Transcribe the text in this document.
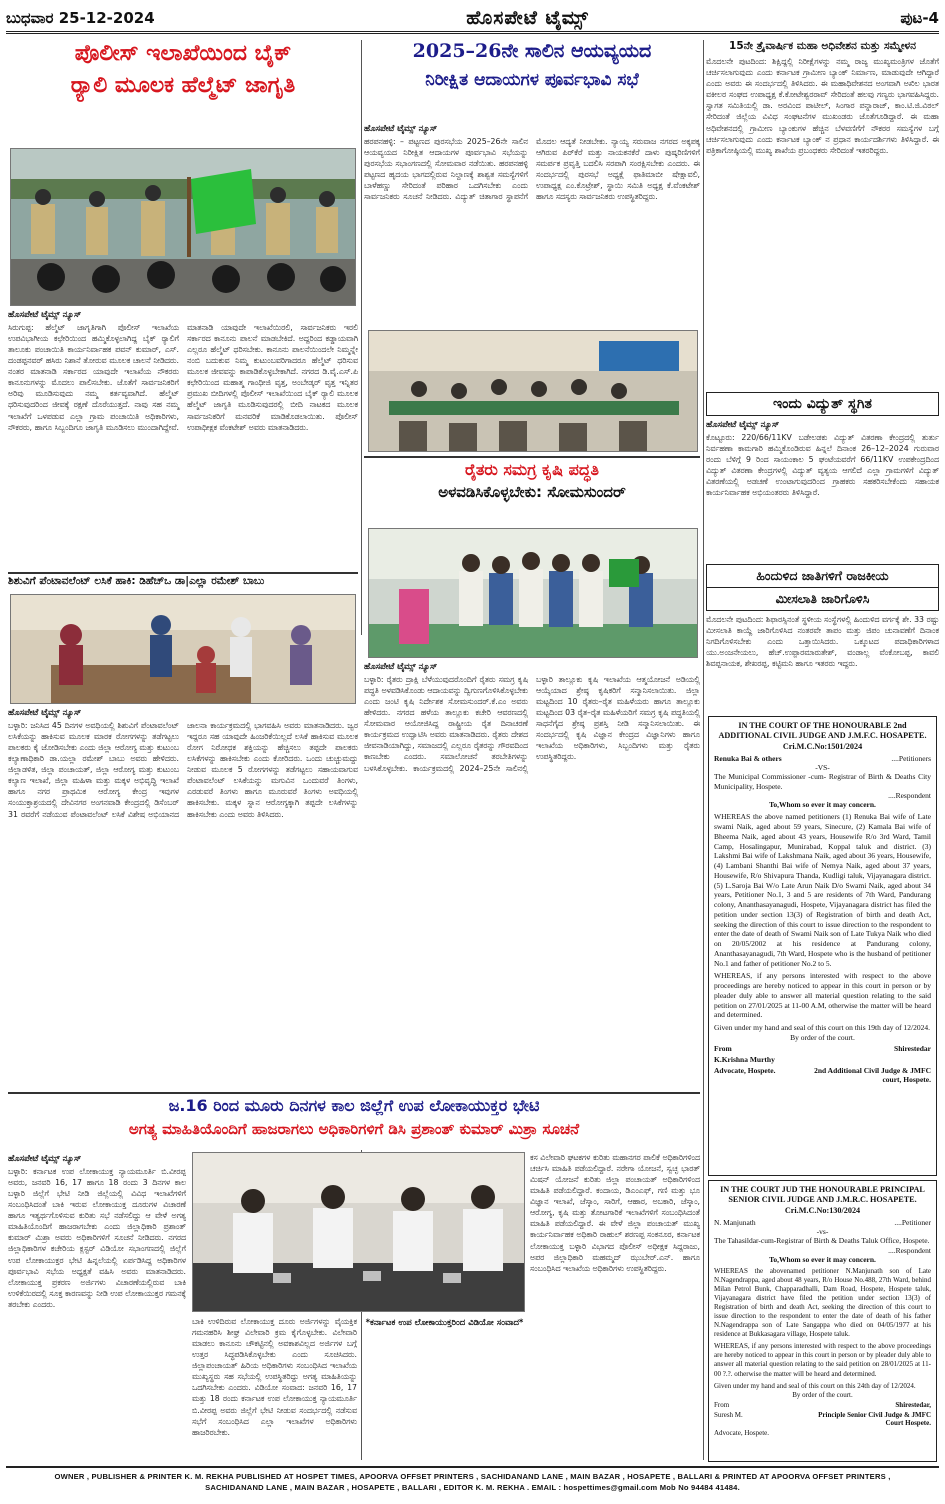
ಬುಧವಾರ 25-12-2024	ಹೊಸಪೇಟೆ ಟೈಮ್ಸ್	ಪುಟ-4
ಪೊಲೀಸ್ ಇಲಾಖೆಯಿಂದ ಬೈಕ್
ರ್‍ಯಾಲಿ ಮೂಲಕ ಹೆಲ್ಮೆಟ್ ಜಾಗೃತಿ
ಹೊಸಪೇಟೆ ಟೈಮ್ಸ್ ನ್ಯೂಸ್
ಸಿರುಗುಪ್ಪ: ಹೆಲ್ಮೆಟ್ ಜಾಗೃತಿಗಾಗಿ ಪೊಲೀಸ್ ಇಲಾಖೆಯ ಉಪವಿಭಾಗೀಯ ಕಛೇರಿಯಿಂದ ಹಮ್ಮಿಕೊಳ್ಳಲಾಗಿದ್ದ ಬೈಕ್ ರ್‍ಯಾಲಿಗೆ ತಾಲೂಕು ಪಂಚಾಯಿತಿ ಕಾರ್ಯನಿರ್ವಾಹಕ ಪವನ್ ಕುಮಾರ್, ಎಸ್. ದಂಡಪ್ಪನವರ್ ಹಸಿರು ನಿಶಾನೆ ತೋರುವ ಮೂಲಕ ಚಾಲನೆ ನೀಡಿದರು. ನಂತರ ಮಾತನಾಡಿ ಸರ್ಕಾರದ ಯಾವುದೇ ಇಲಾಖೆಯ ನೌಕರರು ಕಾನೂನುಗಳನ್ನು ಮೊದಲು ಪಾಲಿಸಬೇಕು. ಜೊತೆಗೆ ಸಾರ್ವಜನಿಕರಿಗೆ ಅರಿವು ಮೂಡಿಸುವುದು ನಮ್ಮ ಕರ್ತವ್ಯವಾಗಿದೆ. ಹೆಲ್ಮೆಟ್ ಧರಿಸುವುದರಿಂದ ಜೀವಕ್ಕೆ ರಕ್ಷಣೆ ದೊರೆಯುತ್ತದೆ. ನಾವು ಸಹ ನಮ್ಮ ಇಲಾಖೆಗೆ ಒಳಪಡುವ ಎಲ್ಲಾ ಗ್ರಾಮ ಪಂಚಾಯಿತಿ ಅಧಿಕಾರಿಗಳು, ನೌಕರರು, ಹಾಗೂ ಸಿಬ್ಬಂದಿಗೂ ಜಾಗೃತಿ ಮೂಡಿಸಲು ಮುಂದಾಗಿದ್ದೇವೆ. ಮಾತನಾಡಿ ಯಾವುದೇ ಇಲಾಖೆಯಿರಲಿ, ಸಾರ್ವಜನಿಕರು ಇರಲಿ ಸರ್ಕಾರದ ಕಾನೂನು ಪಾಲನೆ ಮಾಡಬೇಕಿದೆ. ಅದ್ದರಿಂದ ಕಡ್ಡಾಯವಾಗಿ ಎಲ್ಲರೂ ಹೆಲ್ಮೆಟ್ ಧರಿಸಬೇಕು. ಕಾನೂನು ಪಾಲನೆಯಿಂದಲೇ ನಿಮ್ಮನ್ನೇ ನಂಬಿ ಬದುಕುವ ನಿಮ್ಮ ಕುಟುಂಬವರಿಗಾದರೂ ಹೆಲ್ಮೆಟ್ ಧರಿಸುವ ಮೂಲಕ ಜೀವವನ್ನು ಕಾಪಾಡಿಕೊಳ್ಳಬೇಕಾಗಿದೆ. ನಗರದ ಡಿ.ವೈ.ಎಸ್.ಪಿ ಕಛೇರಿಯಿಂದ ಮಹಾತ್ಮ ಗಾಂಧೀಜಿ ವೃತ್ತ, ಅಂಬೇಡ್ಕರ್ ವೃತ್ತ ಇನ್ನಿತರ ಪ್ರಮುಖ ಬೀದಿಗಳಲ್ಲಿ ಪೊಲೀಸ್ ಇಲಾಖೆಯಿಂದ ಬೈಕ್ ರ್‍ಯಾಲಿ ಮೂಲಕ ಹೆಲ್ಮೆಟ್ ಜಾಗೃತಿ ಮೂಡಿಸುವುದರಲ್ಲಿ ಬೀದಿ ನಾಟಕದ ಮೂಲಕ ಸಾರ್ವಜನಿಕರಿಗೆ ಮನವರಿಕೆ ಮಾಡಿಕೊಡಲಾಯಿತು. ಪೊಲೀಸ್ ಉಪಾಧೀಕ್ಷಕ ವೆಂಕಟೇಶ್ ಅವರು ಮಾತನಾಡಿದರು.
ಶಿಶುವಿಗೆ ಪೆಂಟಾವಲೆಂಟ್ ಲಸಿಕೆ ಹಾಕಿ: ಡಿಹೆಚ್‌ಒ ಡಾ|ಎಲ್ಲಾ ರಮೇಶ್ ಬಾಬು
ಹೊಸಪೇಟೆ ಟೈಮ್ಸ್ ನ್ಯೂಸ್
ಬಳ್ಳಾರಿ: ಜನಿಸಿದ 45 ದಿನಗಳ ಅವಧಿಯಲ್ಲಿ ಶಿಶುವಿಗೆ ಪೆಂಟಾವಲೆಂಟ್ ಲಸಿಕೆಯನ್ನು ಹಾಕಿಸುವ ಮೂಲಕ ಮಾರಕ ರೋಗಗಳನ್ನು ತಡೆಗಟ್ಟಲು ಪಾಲಕರು ಕೈ ಜೋಡಿಸಬೇಕು ಎಂದು ಜಿಲ್ಲಾ ಆರೋಗ್ಯ ಮತ್ತು ಕುಟುಂಬ ಕಲ್ಯಾಣಾಧಿಕಾರಿ ಡಾ.ಯಲ್ಲಾ ರಮೇಶ್ ಬಾಬು ಅವರು ಹೇಳಿದರು. ಜಿಲ್ಲಾಡಳಿತ, ಜಿಲ್ಲಾ ಪಂಚಾಯತ್, ಜಿಲ್ಲಾ ಆರೋಗ್ಯ ಮತ್ತು ಕುಟುಂಬ ಕಲ್ಯಾಣ ಇಲಾಖೆ, ಜಿಲ್ಲಾ ಮಹಿಳಾ ಮತ್ತು ಮಕ್ಕಳ ಅಭಿವೃದ್ಧಿ ಇಲಾಖೆ ಹಾಗೂ ನಗರ ಪ್ರಾಥಮಿಕ ಆರೋಗ್ಯ ಕೇಂದ್ರ ಇವುಗಳ ಸಂಯುಕ್ತಾಶ್ರಯದಲ್ಲಿ ದೇವಿನಗರ ಅಂಗನವಾಡಿ ಕೇಂದ್ರದಲ್ಲಿ ಡಿಸೆಂಬರ್ 31 ರವರೆಗೆ ನಡೆಯುವ ಪೆಂಟಾವಲೆಂಟ್ ಲಸಿಕೆ ವಿಶೇಷ ಅಭಿಯಾನದ ಜಾಲನಾ ಕಾರ್ಯಕ್ರಮದಲ್ಲಿ ಭಾಗವಹಿಸಿ ಅವರು ಮಾತನಾಡಿದರು. ಜ್ವರ ಇದ್ದರೂ ಸಹ ಯಾವುದೇ ಹಿಂಜರಿಕೆಯಿಲ್ಲದೆ ಲಸಿಕೆ ಹಾಕಿಸುವ ಮೂಲಕ ರೋಗ ನಿರೋಧಕ ಶಕ್ತಿಯನ್ನು ಹೆಚ್ಚಿಸಲು ತಪ್ಪದೇ ಪಾಲಕರು ಲಸಿಕೆಗಳನ್ನು ಹಾಕಿಸಬೇಕು ಎಂದು ಕೋರಿದರು. ಒಂದು ಚುಚ್ಚುಮದ್ದು ನೀಡುವ ಮೂಲಕ 5 ರೋಗಗಳನ್ನು ತಡೆಗಟ್ಟಲು ಸಹಾಯವಾಗುವ ಪೆಂಟಾವಲೆಂಟ್ ಲಸಿಕೆಯನ್ನು ಮಗುವಿನ ಒಂದುವರೆ ತಿಂಗಳು, ಎರಡುವರೆ ತಿಂಗಳು ಹಾಗೂ ಮೂರುವರೆ ತಿಂಗಳು ಅವಧಿಯಲ್ಲಿ ಹಾಕಿಸಬೇಕು. ಮಕ್ಕಳ ಸ್ನಾನ ಆರೋಗ್ಯಕ್ಕಾಗಿ ತಪ್ಪದೇ ಲಸಿಕೆಗಳನ್ನು ಹಾಕಿಸಬೇಕು ಎಂದು ಅವರು ತಿಳಿಸಿದರು.
2025–26ನೇ ಸಾಲಿನ ಆಯವ್ಯಯದ
ನಿರೀಕ್ಷಿತ ಆದಾಯಗಳ ಪೂರ್ವಭಾವಿ ಸಭೆ
ಹೊಸಪೇಟೆ ಟೈಮ್ಸ್ ನ್ಯೂಸ್
ಹರಪನಹಳ್ಳಿ: – ಪಟ್ಟಣದ ಪುರಸಭೆಯ 2025–26ನೇ ಸಾಲಿನ ಆಯವ್ಯಯದ ನಿರೀಕ್ಷಿತ ಆದಾಯಗಳ ಪೂರ್ವಭಾವಿ ಸಭೆಯನ್ನು ಪುರಸಭೆಯ ಸಭಾಂಗಣದಲ್ಲಿ ಸೋಮವಾರ ನಡೆಯಿತು. ಹರಪನಹಳ್ಳಿ ಪಟ್ಟಣದ ಹೃದಯ ಭಾಗದಲ್ಲಿರುವ ನಿಲ್ದಾಣಕ್ಕೆ ಶಾಶ್ವತ ಸಮಸ್ಯೆಗಳಿಗೆ ಬಾಳೆಹಣ್ಣು ಸೇರಿದಂತೆ ಪರಿಹಾರ ಒದಗಿಸಬೇಕು ಎಂದು ಸಾರ್ವಜನಿಕರು ಸೂಚನೆ ನೀಡಿದರು. ವಿದ್ಯುತ್ ಚಿತಾಗಾರ ಸ್ಥಾಪನೆಗೆ ಮೊದಲ ಆದ್ಯತೆ ನೀಡಬೇಕು. ನ್ಯಾಯ್ಯ ಸರುವಾಜ ನಗರದ ಅಕ್ಕಪಕ್ಕ ಆಗಿರುವ ಪಿರ್‌ಕೆರೆ ಮತ್ತು ನಾಯಕನಕೆರೆ ದಾಳು ಪುಷ್ಕರಿಣಿಗಳಿಗೆ ಸಮರ್ಪಕ ಪ್ರವೃತ್ತಿ ಬದಲಿಸಿ ಸರಪಾಗಿ ಸಂರಕ್ಷಿಸಬೇಕು ಎಂದರು. ಈ ಸಂದರ್ಭದಲ್ಲಿ ಪುರಸಭೆ ಅಧ್ಯಕ್ಷೆ ಫಾತಿಮಾಬೀ ಷೇಕ್ಷಾವಲಿ, ಉಪಾಧ್ಯಕ್ಷ ಎಂ.ಕೊಟ್ರೇಶ್, ಸ್ಥಾಯಿ ಸಮಿತಿ ಅಧ್ಯಕ್ಷ ಕೆ.ವೆಂಕಟೇಶ್ ಹಾಗೂ ಸದಸ್ಯರು ಸಾರ್ವಜನಿಕರು ಉಪಸ್ಥಿತರಿದ್ದರು.
ರೈತರು ಸಮಗ್ರ ಕೃಷಿ ಪದ್ಧತಿ
ಅಳವಡಿಸಿಕೊಳ್ಳಬೇಕು: ಸೋಮಸುಂದರ್
ಹೊಸಪೇಟೆ ಟೈಮ್ಸ್ ನ್ಯೂಸ್
ಬಳ್ಳಾರಿ: ರೈತರು ದ್ರಾಕ್ಷಿ ಬೆಳೆಯುವುದರೊಂದಿಗೆ ರೈತರು ಸಮಗ್ರ ಕೃಷಿ ಪದ್ಧತಿ ಅಳವಡಿಸಿಕೊಂಡು ಆದಾಯವನ್ನು ದ್ವಿಗುಣಗೊಳಿಸಿಕೊಳ್ಳಬೇಕು ಎಂದು ಜಂಟಿ ಕೃಷಿ ನಿರ್ದೇಶಕ ಸೋಮಸುಂದರ್.ಕೆ.ಎಂ ಅವರು ಹೇಳಿದರು. ನಗರದ ಹಳೆಯ ತಾಲ್ಲೂಕು ಕಚೇರಿ ಆವರಣದಲ್ಲಿ ಸೋಮವಾರ ಆಯೋಜಿಸಿದ್ದ ರಾಷ್ಟ್ರೀಯ ರೈತ ದಿನಾಚರಣೆ ಕಾರ್ಯಕ್ರಮದ ಉದ್ಘಾಟಿಸಿ ಅವರು ಮಾತನಾಡಿದರು. ರೈತರು ದೇಶದ ಜೀವನಾಡಿಯಾಗಿದ್ದು, ಸಮಾಜದಲ್ಲಿ ಎಲ್ಲರೂ ರೈತರನ್ನು ಗೌರವದಿಂದ ಕಾಣಬೇಕು ಎಂದರು. ಸಮಾಲೋಚನೆ ತರಬೇತಿಗಳನ್ನು ಬಳಸಿಕೊಳ್ಳಬೇಕು. ಕಾರ್ಯಕ್ರಮದಲ್ಲಿ 2024–25ನೇ ಸಾಲಿನಲ್ಲಿ ಬಳ್ಳಾರಿ ತಾಲ್ಲೂಕು ಕೃಷಿ ಇಲಾಖೆಯ ಆತ್ಮಯೋಜನೆ ಅಡಿಯಲ್ಲಿ ಆಯ್ಕೆಯಾದ ಶ್ರೇಷ್ಠ ಕೃಷಿಕರಿಗೆ ಸನ್ಮಾನಿಸಲಾಯಿತು. ಜಿಲ್ಲಾ ಮಟ್ಟದಿಂದ 10 ರೈತರು–ರೈತ ಮಹಿಳೆಯರು ಹಾಗೂ ತಾಲ್ಲೂಕು ಮಟ್ಟದಿಂದ 03 ರೈತ–ರೈತ ಮಹಿಳೆಯರಿಗೆ ಸಮಗ್ರ ಕೃಷಿ ಪದ್ಧತಿಯಲ್ಲಿ ಸಾಧನೆಗೈದ ಶ್ರೇಷ್ಠ ಪ್ರಶಸ್ತಿ ನೀಡಿ ಸನ್ಮಾನಿಸಲಾಯಿತು. ಈ ಸಂದರ್ಭದಲ್ಲಿ ಕೃಷಿ ವಿಜ್ಞಾನ ಕೇಂದ್ರದ ವಿಜ್ಞಾನಿಗಳು ಹಾಗೂ ಇಲಾಖೆಯ ಅಧಿಕಾರಿಗಳು, ಸಿಬ್ಬಂದಿಗಳು ಮತ್ತು ರೈತರು ಉಪಸ್ಥಿತರಿದ್ದರು.
ಜ.16 ರಿಂದ ಮೂರು ದಿನಗಳ ಕಾಲ ಜಿಲ್ಲೆಗೆ ಉಪ ಲೋಕಾಯುಕ್ತರ ಭೇಟಿ
ಅಗತ್ಯ ಮಾಹಿತಿಯೊಂದಿಗೆ ಹಾಜರಾಗಲು ಅಧಿಕಾರಿಗಳಿಗೆ ಡಿಸಿ ಪ್ರಶಾಂತ್ ಕುಮಾರ್ ಮಿಶ್ರಾ ಸೂಚನೆ
ಹೊಸಪೇಟೆ ಟೈಮ್ಸ್ ನ್ಯೂಸ್
ಬಳ್ಳಾರಿ: ಕರ್ನಾಟಕ ಉಪ ಲೋಕಾಯುಕ್ತ ನ್ಯಾಯಮೂರ್ತಿ ಬಿ.ವೀರಪ್ಪ ಅವರು, ಜನವರಿ 16, 17 ಹಾಗೂ 18 ರಂದು 3 ದಿನಗಳ ಕಾಲ ಬಳ್ಳಾರಿ ಜಿಲ್ಲೆಗೆ ಭೇಟಿ ನೀಡಿ ಜಿಲ್ಲೆಯಲ್ಲಿ ವಿವಿಧ ಇಲಾಖೆಗಳಿಗೆ ಸಂಬಂಧಿಸಿದಂತೆ ಬಾಕಿ ಇರುವ ಲೋಕಾಯುಕ್ತ ದೂರುಗಳ ವಿಚಾರಣೆ ಹಾಗೂ ಇತ್ಯರ್ಥಗೊಳಿಸುವ ಕುರಿತು ಸಭೆ ನಡೆಸಲಿದ್ದು ಆ ವೇಳೆ ಅಗತ್ಯ ಮಾಹಿತಿಯೊಂದಿಗೆ ಹಾಜರಾಗಬೇಕು ಎಂದು ಜಿಲ್ಲಾಧಿಕಾರಿ ಪ್ರಶಾಂತ್ ಕುಮಾರ್ ಮಿಶ್ರಾ ಅವರು ಅಧಿಕಾರಿಗಳಿಗೆ ಸೂಚನೆ ನೀಡಿದರು. ನಗರದ ಜಿಲ್ಲಾಧಿಕಾರಿಗಳ ಕಚೇರಿಯ ಕ್ಲಸ್ಟರ್ ವಿಡಿಯೋ ಸಭಾಂಗಣದಲ್ಲಿ ಜಿಲ್ಲೆಗೆ ಉಪ ಲೋಕಾಯುಕ್ತರ ಭೇಟಿ ಹಿನ್ನಲೆಯಲ್ಲಿ ಏರ್ಪಡಿಸಿದ್ದ ಅಧಿಕಾರಿಗಳ ಪೂರ್ವಭಾವಿ ಸಭೆಯ ಅಧ್ಯಕ್ಷತೆ ವಹಿಸಿ ಅವರು ಮಾತನಾಡಿದರು. ಲೋಕಾಯುಕ್ತ ಪ್ರಕರಣ ಅರ್ಜಿಗಳು ವಿಚಾರಣೆಯಲ್ಲಿರುವ ಬಾಕಿ ಉಳಿಕೆಯಿರದಲ್ಲಿ ಸೂಕ್ತ ಕಾರಣವನ್ನು ನೀಡಿ ಉಪ ಲೋಕಾಯುಕ್ತರ ಗಮನಕ್ಕೆ ತರಬೇಕು ಎಂದರು.
ಬಾಕಿ ಉಳಿದಿರುವ ಲೋಕಾಯುಕ್ತ ದೂರು ಅರ್ಜಿಗಳನ್ನು ವೈಯಕ್ತಿಕ ಗಮನಹರಿಸಿ ಶೀಘ್ರ ವಿಲೇವಾರಿ ಕ್ರಮ ಕೈಗೊಳ್ಳಬೇಕು. ವಿಲೇವಾರಿ ಮಾಡಲು ಕಾನೂನು ಚೌಕಟ್ಟಿನಲ್ಲಿ ಅವಕಾಶವಿಲ್ಲದ ಅರ್ಜಿಗಳ ಬಗ್ಗೆ ಉತ್ತರ ಸಿದ್ಧಪಡಿಸಿಕೊಳ್ಳಬೇಕು ಎಂದು ಸೂಚಿಸಿದರು. ಜಿಲ್ಲಾಪಂಚಾಯತ್ ಹಿರಿಯ ಅಧಿಕಾರಿಗಳು ಸಂಬಂಧಿಸಿದ ಇಲಾಖೆಯ ಮುಖ್ಯಸ್ಥರು ಸಹ ಸಭೆಯಲ್ಲಿ ಉಪಸ್ಥಿತರಿದ್ದು ಅಗತ್ಯ ಮಾಹಿತಿಯನ್ನು ಒದಗಿಸಬೇಕು ಎಂದರು. ವಿಡಿಯೋ ಸಂವಾದ: ಜನವರಿ 16, 17 ಮತ್ತು 18 ರಂದು ಕರ್ನಾಟಕ ಉಪ ಲೋಕಾಯುಕ್ತ ನ್ಯಾಯಮೂರ್ತಿ ಬಿ.ವೀರಪ್ಪ ಅವರು ಜಿಲ್ಲೆಗೆ ಭೇಟಿ ನೀಡುವ ಸಂದರ್ಭದಲ್ಲಿ ನಡೆಸುವ ಸಭೆಗೆ ಸಂಬಂಧಿಸಿದ ಎಲ್ಲಾ ಇಲಾಖೆಗಳ ಅಧಿಕಾರಿಗಳು ಹಾಜರಿರಬೇಕು.
*ಕರ್ನಾಟಕ ಉಪ ಲೋಕಾಯುಕ್ತರಿಂದ ವಿಡಿಯೋ ಸಂವಾದ*
ಕಸ ವಿಲೇವಾರಿ ಘಟಕಗಳ ಕುರಿತು ಮಹಾನಗರ ಪಾಲಿಕೆ ಅಧಿಕಾರಿಗಳಿಂದ ಚರ್ಚಿಸಿ ಮಾಹಿತಿ ಪಡೆಯಲಿದ್ದಾರೆ. ನರೇಗಾ ಯೋಜನೆ, ಸ್ವಚ್ಛ ಭಾರತ್ ಮಿಷನ್ ಯೋಜನೆ ಕುರಿತು ಜಿಲ್ಲಾ ಪಂಚಾಯತ್ ಅಧಿಕಾರಿಗಳಿಂದ ಮಾಹಿತಿ ಪಡೆಯಲಿದ್ದಾರೆ. ಕಂದಾಯ, ಡಿಎಂಎಫ್, ಗಣಿ ಮತ್ತು ಭೂ ವಿಜ್ಞಾನ ಇಲಾಖೆ, ಜೆಸ್ಕಾಂ, ಸಾರಿಗೆ, ಆಹಾರ, ಅಬಕಾರಿ, ಜೆಸ್ಕಾಂ, ಆರೋಗ್ಯ, ಕೃಷಿ ಮತ್ತು ತೋಟಗಾರಿಕೆ ಇಲಾಖೆಗಳಿಗೆ ಸಂಬಂಧಿಸಿದಂತೆ ಮಾಹಿತಿ ಪಡೆಯಲಿದ್ದಾರೆ. ಈ ವೇಳೆ ಜಿಲ್ಲಾ ಪಂಚಾಯತ್ ಮುಖ್ಯ ಕಾರ್ಯನಿರ್ವಾಹಕ ಅಧಿಕಾರಿ ರಾಹುಲ್ ಶರಣಪ್ಪ ಸಂಕನೂರ, ಕರ್ನಾಟಕ ಲೋಕಾಯುಕ್ತ ಬಳ್ಳಾರಿ ವಿಭಾಗದ ಪೊಲೀಸ್ ಅಧೀಕ್ಷಕ ಸಿದ್ದರಾಜು, ಅಪರ ಜಿಲ್ಲಾಧಿಕಾರಿ ಮಹಮ್ಮದ್ ಝುಬೇರ್.ಎನ್. ಹಾಗೂ ಸಂಬಂಧಿಸಿದ ಇಲಾಖೆಯ ಅಧಿಕಾರಿಗಳು ಉಪಸ್ಥಿತರಿದ್ದರು.
15ನೇ ತ್ರೈವಾರ್ಷಿಕ ಮಹಾ ಅಧಿವೇಶನ ಮತ್ತು ಸಮ್ಮೇಳನ
ಮೊದಲನೇ ಪುಟದಿಂದ: ಶಿಕ್ಷಿದ್ದಲ್ಲಿ ನಿರೀಕ್ಷೆಗಳನ್ನು ನಮ್ಮ ರಾಜ್ಯ ಮುಖ್ಯಮಂತ್ರಿಗಳ ಜೊತೆಗೆ ಚರ್ಚಿಸಲಾಗುವುದು ಎಂದು ಕರ್ನಾಟಕ ಗ್ರಾಮೀಣ ಬ್ಯಾಂಕ್ ನಿರ್ಮಾಣ, ಮಾಡುವುದೇ ಆಗಿದ್ದಾರೆ ಎಂದು ಅವರು ಈ ಸಂದರ್ಭದಲ್ಲಿ ತಿಳಿಸಿದರು. ಈ ಮಹಾಧಿವೇಶನದ ಅಂಗವಾಗಿ ಅಖಿಲ ಭಾರತ ವಕೀಲರ ಸಂಘದ ಉಪಾಧ್ಯಕ್ಷ ಕೆ.ಕೋಟೇಶ್ವರರಾವ್ ಸೇರಿದಂತೆ ಹಲವು ಗಣ್ಯರು ಭಾಗವಹಿಸಿದ್ದರು. ಸ್ವಾಗತ ಸಮಿತಿಯಲ್ಲಿ ಡಾ. ಅರವಿಂದ ಪಾಟೀಲ್, ಸಿಂಗಾರ ಪನ್ನಾರಾಜ್, ಕಾಂ.ಟಿ.ಜಿ.ವಿಠಲ್ ಸೇರಿದಂತೆ ಜಿಲ್ಲೆಯ ವಿವಿಧ ಸಂಘಟನೆಗಳ ಮುಖಂಡರು ಜೊತೆಗೂಡಿದ್ದಾರೆ. ಈ ಮಹಾ ಅಧಿವೇಶನದಲ್ಲಿ ಗ್ರಾಮೀಣ ಬ್ಯಾಂಕುಗಳ ಹೆಚ್ಚಿನ ಬೆಳವಣಿಗೆಗೆ ನೌಕರರ ಸಮಸ್ಯೆಗಳ ಬಗ್ಗೆ ಚರ್ಚಿಸಲಾಗುವುದು ಎಂದು ಕರ್ನಾಟಕ ಬ್ಯಾಂಕ್ ನ ಪ್ರಧಾನ ಕಾರ್ಯದರ್ಶಿಗಳು ತಿಳಿಸಿದ್ದಾರೆ. ಈ ಪತ್ರಿಕಾಗೋಷ್ಠಿಯಲ್ಲಿ ಮುಖ್ಯ ಶಾಖೆಯ ಪ್ರಬಂಧಕರು ಸೇರಿದಂತೆ ಇತರರಿದ್ದರು.
ಇಂದು ವಿದ್ಯುತ್ ಸ್ಥಗಿತ
ಹೊಸಪೇಟೆ ಟೈಮ್ಸ್ ನ್ಯೂಸ್
ಕೊಟ್ಟೂರು: 220/66/11KV ಬಡೇಲಡಕು ವಿದ್ಯುತ್ ವಿತರಣಾ ಕೇಂದ್ರದಲ್ಲಿ ತುರ್ತು ನಿರ್ವಹಣಾ ಕಾಮಗಾರಿ ಹಮ್ಮಿಕೊಂಡಿರುವ ಹಿನ್ನಲೆ ದಿನಾಂಕ 26–12–2024 ಗುರುವಾರ ರಂದು ಬೆಳಿಗ್ಗೆ 9 ರಿಂದ ಸಾಯಂಕಾಲ 5 ಘಂಟೆಯವರೆಗೆ 66/11KV ಉಪಕೇಂದ್ರದಿಂದ ವಿದ್ಯುತ್ ವಿತರಣಾ ಕೇಂದ್ರಗಳಲ್ಲಿ ವಿದ್ಯುತ್ ವ್ಯತ್ಯಯ ಆಗಲಿದೆ ಎಲ್ಲಾ ಗ್ರಾಮಗಳಿಗೆ ವಿದ್ಯುತ್ ವಿತರಣೆಯಲ್ಲಿ ಅಡಚಣೆ ಉಂಟಾಗುವುದರಿಂದ ಗ್ರಾಹಕರು ಸಹಕರಿಸಬೇಕೆಂದು ಸಹಾಯಕ ಕಾರ್ಯನಿರ್ವಾಹಕ ಅಭಿಯಂತರರು ತಿಳಿಸಿದ್ದಾರೆ.
ಹಿಂದುಳಿದ ಜಾತಿಗಳಿಗೆ ರಾಜಕೀಯ
ಮೀಸಲಾತಿ ಜಾರಿಗೊಳಿಸಿ
ಮೊದಲನೇ ಪುಟದಿಂದ: ಶಿಫಾರಸ್ಸಿನಂತೆ ಸ್ಥಳೀಯ ಸಂಸ್ಥೆಗಳಲ್ಲಿ ಹಿಂದುಳಿದ ವರ್ಗಕ್ಕೆ ಶೇ. 33 ರಷ್ಟು ಮೀಸಲಾತಿ ಕಾಯ್ದೆ ಜಾರಿಗೊಳಿಸಿದ ನಂತರವೇ ತಾಪಂ ಮತ್ತು ಜಿಪಂ ಚುನಾವಣೆಗೆ ದಿನಾಂಕ ನಿಗದಿಗೊಳಿಸಬೇಕು ಎಂದು ಒತ್ತಾಯಿಸಿದರು. ಒಕ್ಕೂಟದ ಪದಾಧಿಕಾರಿಗಳಾದ ಯು.ಅಂಜನೇಯಲು, ಹೆಚ್.ಉಪ್ಪಾರಮಾರುತೇಶ್, ವಂಡಾಲ್ಲ ವೆಂಕೋಬಪ್ಪ, ಕಾವಲಿ ಶಿವಪ್ಪನಾಯಕ, ಶೇಖರಪ್ಪ, ಕಟ್ಟಿಮನಿ ಹಾಗೂ ಇತರರು ಇದ್ದರು.
IN THE COURT OF THE HONOURABLE 2nd ADDITIONAL CIVIL JUDGE AND J.M.F.C. HOSAPETE.
Cri.M.C.No:1501/2024
Renuka Bai & others	....Petitioners
-VS-
The Municipal Commissioner -cum- Registrar of Birth & Deaths City Municipality, Hospete.
....Respondent
To,Whom so ever it may concern.
WHEREAS the above named petitioners (1) Renuka Bai wife of Late swami Naik, aged about 59 years, Sinecure, (2) Kamala Bai wife of Bheema Naik, aged about 43 years, Housewife R/o 3rd Ward, Tamil Camp, Hosalingapur, Munirabad, Koppal taluk and district. (3) Lakshmi Bai wife of Lakshmana Naik, aged about 36 years, Housewife, (4) Lambani Shanthi Bai wife of Nemya Naik, aged about 37 years, Housewife, R/o Shivapura Thanda, Kudligi taluk, Vijayanagara district. (5) L.Saroja Bai W/o Late Arun Naik D/o Swami Naik, aged about 34 years, Petitioner No.1, 3 and 5 are residents of 7th Ward, Pandurang colony, Ananthasayanagudi, Hospete, Vijayanagara district has filed the petition under section 13(3) of Registration of birth and death Act, seeking the direction of this court to issue direction to the respondent to enter the date of death of Swami Naik son of Late Tukya Naik who died on 20/05/2002 at his residence at Pandurang colony, Ananthasayanagudi, 7th Ward, Hospete who is the husband of petitioner No.1 and father of petitioner No.2 to 5.
WHEREAS, if any persons interested with respect to the above proceedings are hereby noticed to appear in this court in person or by pleader duly able to answer all material question relating to the said petition on 27/01/2025 at 11-00 A.M, otherwise the matter will be heard and determined.
Given under my hand and seal of this court on this 19th day of 12/2024.
By order of the court.
From	Shirestedar
K.Krishna Murthy
Advocate, Hospete.	2nd Additional Civil Judge & JMFC court, Hospete.
IN THE COURT JUD THE HONOURABLE PRINCIPAL SENIOR CIVIL JUDGE AND J.M.R.C. HOSAPETE.
Cri.M.C.No:130/2024
N. Manjunath	....Petitioner
-vs-
The Tahasildar-cum-Registrar of Birth & Deaths Taluk Office, Hospete.
....Respondent
To,Whom so ever it may concern.
WHEREAS the abovenamed petitioner N.Manjunath son of Late N.Nagendrappa, aged about 48 years, R/o House No.488, 27th Ward, behind Milan Petrol Bunk, Chapparadhalli, Dam Road, Hospete, Hospete taluk, Vijayanagara district have filed the petition under section 13(3) of Registration of birth and death Act, seeking the direction of this court to issue direction to the respondent to enter the date of death of his father N.Nagendrappa son of Late Sangappa who died on 04/05/1977 at his residence at Bukkasagara village, Hospete taluk.
WHEREAS, if any persons interested with respect to the above proceedings are hereby noticed to appear in this court in person or by pleader duly able to answer all material question relating to the said petition on 28/01/2025 at 11-00 ?.?. otherwise the matter will be heard and determined.
Given under my hand and seal of this court on this 24th day of 12/2024.
By order of the court.
From	Shirestedar,
Suresh M.	Principle Senior Civil Judge & JMFC Court Hospete.
Advocate, Hospete.
OWNER , PUBLISHER & PRINTER K. M. REKHA PUBLISHED AT HOSPET TIMES, APOORVA OFFSET PRINTERS , SACHIDANAND LANE , MAIN BAZAR , HOSAPETE , BALLARI & PRINTED AT APOORVA OFFSET PRINTERS ,
SACHIDANAND LANE , MAIN BAZAR , HOSAPETE , BALLARI , EDITOR K. M. REKHA . EMAIL : hospettimes@gmail.com Mob No 94484 41484.
